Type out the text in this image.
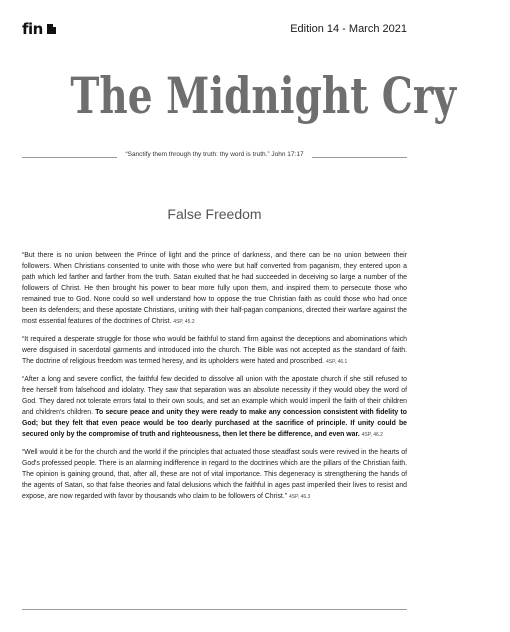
fin	Edition 14 - March 2021
The Midnight Cry
“Sanctify them through thy truth: thy word is truth.” John 17:17
False Freedom

“But there is no union between the Prince of light and the prince of darkness, and there can be no union between their followers. When Christians consented to unite with those who were but half converted from paganism, they entered upon a path which led farther and farther from the truth. Satan exulted that he had succeeded in deceiving so large a number of the followers of Christ. He then brought his power to bear more fully upon them, and inspired them to persecute those who remained true to God. None could so well understand how to oppose the true Christian faith as could those who had once been its defenders; and these apostate Christians, uniting with their half-pagan companions, directed their warfare against the most essential features of the doctrines of Christ. 4SP, 45.2

“It required a desperate struggle for those who would be faithful to stand firm against the deceptions and abominations which were disguised in sacerdotal garments and introduced into the church. The Bible was not accepted as the standard of faith. The doctrine of religious freedom was termed heresy, and its upholders were hated and proscribed. 4SP, 46.1

“After a long and severe conflict, the faithful few decided to dissolve all union with the apostate church if she still refused to free herself from falsehood and idolatry. They saw that separation was an absolute necessity if they would obey the word of God. They dared not tolerate errors fatal to their own souls, and set an example which would imperil the faith of their children and children's children. To secure peace and unity they were ready to make any concession consistent with fidelity to God; but they felt that even peace would be too dearly purchased at the sacrifice of principle. If unity could be secured only by the compromise of truth and righteousness, then let there be difference, and even war. 4SP, 46.2

“Well would it be for the church and the world if the principles that actuated those steadfast souls were revived in the hearts of God's professed people. There is an alarming indifference in regard to the doctrines which are the pillars of the Christian faith. The opinion is gaining ground, that, after all, these are not of vital importance. This degeneracy is strengthening the hands of the agents of Satan, so that false theories and fatal delusions which the faithful in ages past imperiled their lives to resist and expose, are now regarded with favor by thousands who claim to be followers of Christ.” 4SP, 46.3
